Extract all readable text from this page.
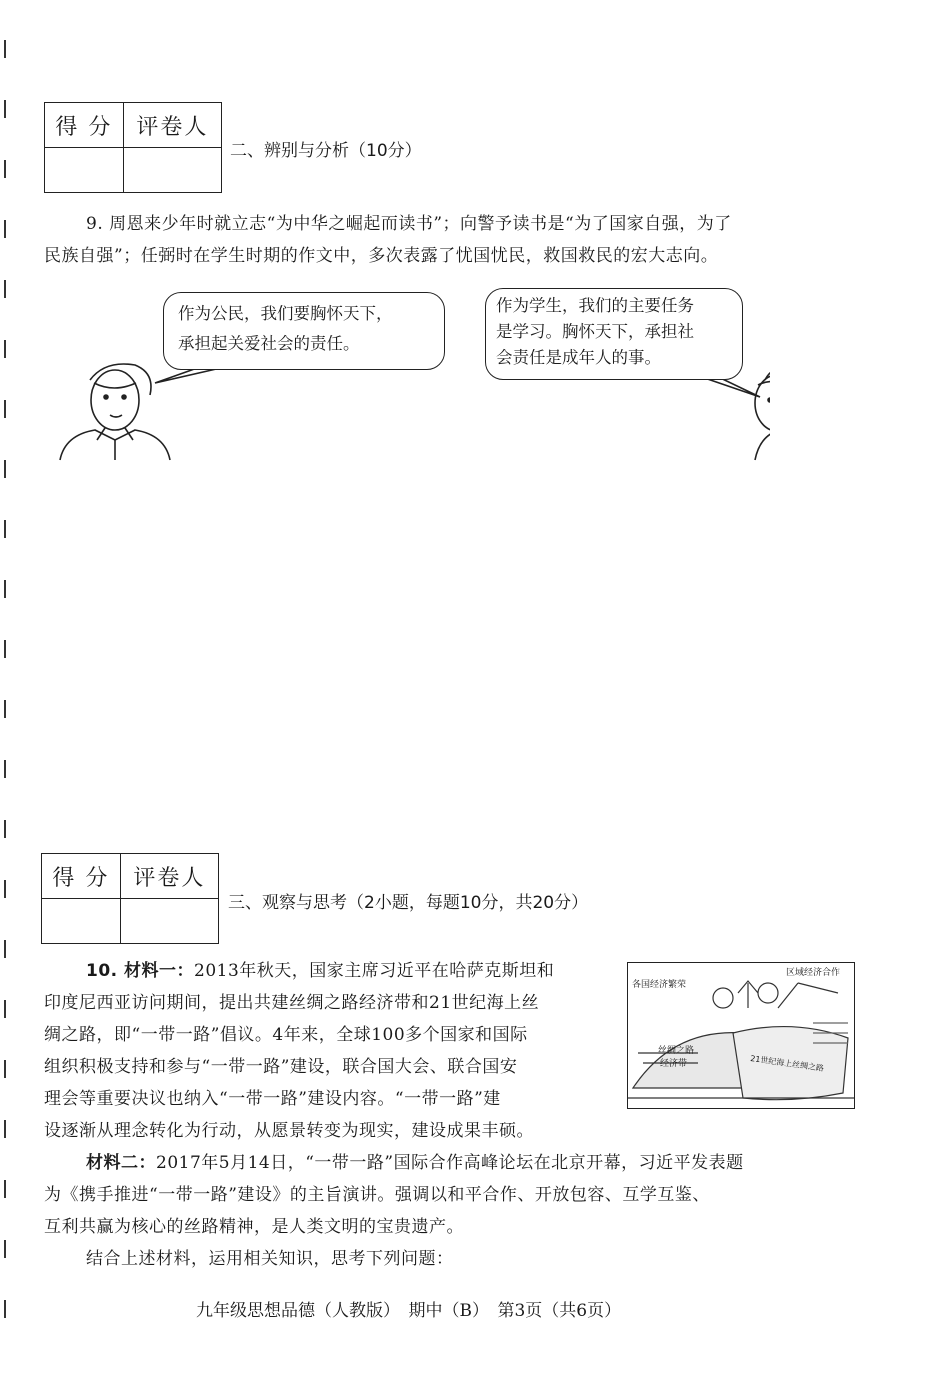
得 分	评卷人

二、辨别与分析（10分）
9. 周恩来少年时就立志“为中华之崛起而读书”；向警予读书是“为了国家自强，为了
民族自强”；任弼时在学生时期的作文中，多次表露了忧国忧民，救国救民的宏大志向。
作为公民，我们要胸怀天下，
承担起关爱社会的责任。
作为学生，我们的主要任务
是学习。胸怀天下，承担社
会责任是成年人的事。
得 分	评卷人

三、观察与思考（2小题，每题10分，共20分）
10. 材料一：2013年秋天，国家主席习近平在哈萨克斯坦和
印度尼西亚访问期间，提出共建丝绸之路经济带和21世纪海上丝
绸之路，即“一带一路”倡议。4年来，全球100多个国家和国际
组织积极支持和参与“一带一路”建设，联合国大会、联合国安
理会等重要决议也纳入“一带一路”建设内容。“一带一路”建
设逐渐从理念转化为行动，从愿景转变为现实，建设成果丰硕。
各国经济繁荣
区域经济合作
丝绸之路
经济带	21世纪海上丝绸之路
材料二：2017年5月14日，“一带一路”国际合作高峰论坛在北京开幕，习近平发表题
为《携手推进“一带一路”建设》的主旨演讲。强调以和平合作、开放包容、互学互鉴、
互利共赢为核心的丝路精神，是人类文明的宝贵遗产。
结合上述材料，运用相关知识，思考下列问题：
九年级思想品德（人教版）　期中（B）　第3页（共6页）
